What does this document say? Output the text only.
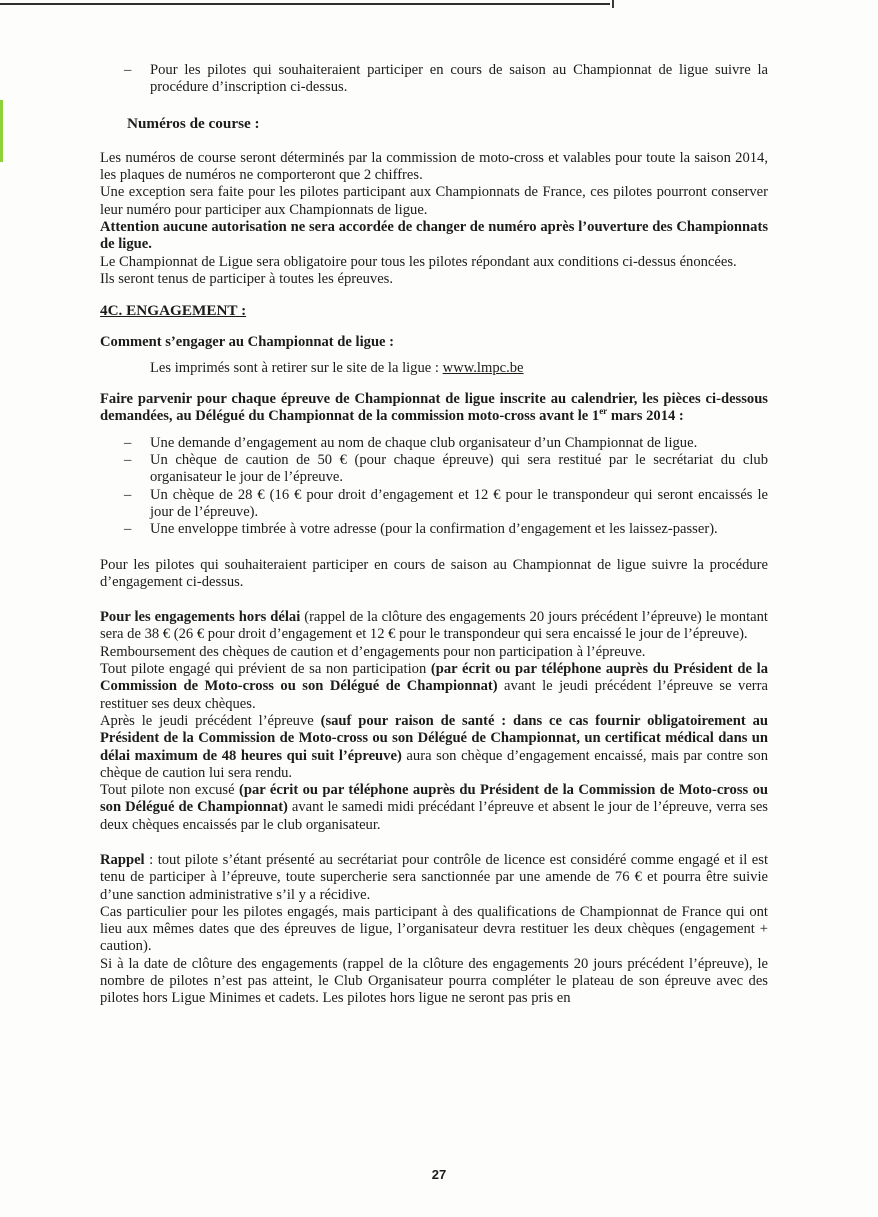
– Pour les pilotes qui souhaiteraient participer en cours de saison au Championnat de ligue suivre la procédure d’inscription ci-dessus.
Numéros de course :

Les numéros de course seront déterminés par la commission de moto-cross et valables pour toute la saison 2014, les plaques de numéros ne comporteront que 2 chiffres.

Une exception sera faite pour les pilotes participant aux Championnats de France, ces pilotes pourront conserver leur numéro pour participer aux Championnats de ligue.

Attention aucune autorisation ne sera accordée de changer de numéro après l’ouverture des Championnats de ligue.

Le Championnat de Ligue sera obligatoire pour tous les pilotes répondant aux conditions ci-dessus énoncées.

Ils seront tenus de participer à toutes les épreuves.

4C. ENGAGEMENT :

Comment s’engager au Championnat de ligue :

Les imprimés sont à retirer sur le site de la ligue : www.lmpc.be

Faire parvenir pour chaque épreuve de Championnat de ligue inscrite au calendrier, les pièces ci-dessous demandées, au Délégué du Championnat de la commission moto-cross avant le 1er mars 2014 :

– Une demande d’engagement au nom de chaque club organisateur d’un Championnat de ligue.
– Un chèque de caution de 50 € (pour chaque épreuve) qui sera restitué par le secrétariat du club organisateur le jour de l’épreuve.
– Un chèque de 28 € (16 € pour droit d’engagement et 12 € pour le transpondeur qui seront encaissés le jour de l’épreuve).
– Une enveloppe timbrée à votre adresse (pour la confirmation d’engagement et les laissez-passer).

Pour les pilotes qui souhaiteraient participer en cours de saison au Championnat de ligue suivre la procédure d’engagement ci-dessus.

Pour les engagements hors délai (rappel de la clôture des engagements 20 jours précédent l’épreuve) le montant sera de 38 € (26 € pour droit d’engagement et 12 € pour le transpondeur qui sera encaissé le jour de l’épreuve).

Remboursement des chèques de caution et d’engagements pour non participation à l’épreuve.

Tout pilote engagé qui prévient de sa non participation (par écrit ou par téléphone auprès du Président de la Commission de Moto-cross ou son Délégué de Championnat) avant le jeudi précédent l’épreuve se verra restituer ses deux chèques.

Après le jeudi précédent l’épreuve (sauf pour raison de santé : dans ce cas fournir obligatoirement au Président de la Commission de Moto-cross ou son Délégué de Championnat, un certificat médical dans un délai maximum de 48 heures qui suit l’épreuve) aura son chèque d’engagement encaissé, mais par contre son chèque de caution lui sera rendu.

Tout pilote non excusé (par écrit ou par téléphone auprès du Président de la Commission de Moto-cross ou son Délégué de Championnat) avant le samedi midi précédant l’épreuve et absent le jour de l’épreuve, verra ses deux chèques encaissés par le club organisateur.

Rappel : tout pilote s’étant présenté au secrétariat pour contrôle de licence est considéré comme engagé et il est tenu de participer à l’épreuve, toute supercherie sera sanctionnée par une amende de 76 € et pourra être suivie d’une sanction administrative s’il y a récidive.

Cas particulier pour les pilotes engagés, mais participant à des qualifications de Championnat de France qui ont lieu aux mêmes dates que des épreuves de ligue, l’organisateur devra restituer les deux chèques (engagement + caution).

Si à la date de clôture des engagements (rappel de la clôture des engagements 20 jours précédent l’épreuve), le nombre de pilotes n’est pas atteint, le Club Organisateur pourra compléter le plateau de son épreuve avec des pilotes hors Ligue Minimes et cadets. Les pilotes hors ligue ne seront pas pris en

27
